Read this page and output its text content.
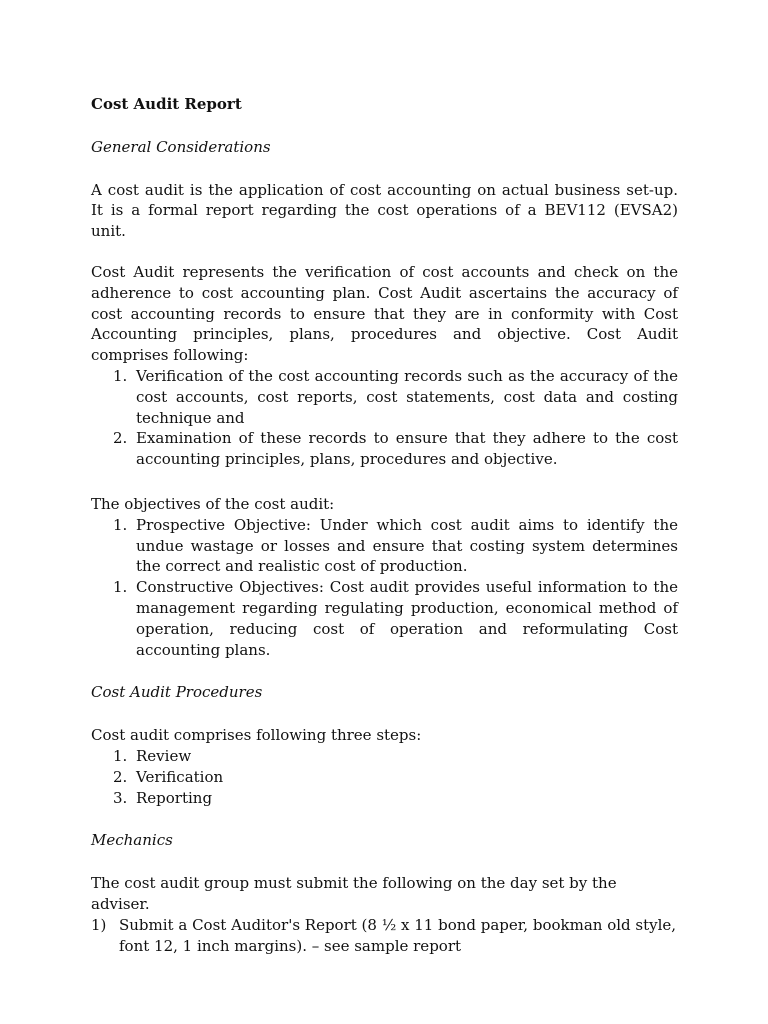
Cost Audit Report

General Considerations

A cost audit is the application of cost accounting on actual business set-up. It is a formal report regarding the cost operations of a BEV112 (EVSA2) unit.

Cost Audit represents the verification of cost accounts and check on the adherence to cost accounting plan. Cost Audit ascertains the accuracy of cost accounting records to ensure that they are in conformity with Cost Accounting principles, plans, procedures and objective. Cost Audit comprises following:

1. Verification of the cost accounting records such as the accuracy of the cost accounts, cost reports, cost statements, cost data and costing technique and
2. Examination of these records to ensure that they adhere to the cost accounting principles, plans, procedures and objective.

The objectives of the cost audit:

1. Prospective Objective: Under which cost audit aims to identify the undue wastage or losses and ensure that costing system determines the correct and realistic cost of production.
1. Constructive Objectives: Cost audit provides useful information to the management regarding regulating production, economical method of operation, reducing cost of operation and reformulating Cost accounting plans.

Cost Audit Procedures

Cost audit comprises following three steps:

1. Review
2. Verification
3. Reporting

Mechanics

The cost audit group must submit the following on the day set by the adviser.

1) Submit a Cost Auditor's Report (8 ½ x 11 bond paper, bookman old style, font 12, 1 inch margins). – see sample report
